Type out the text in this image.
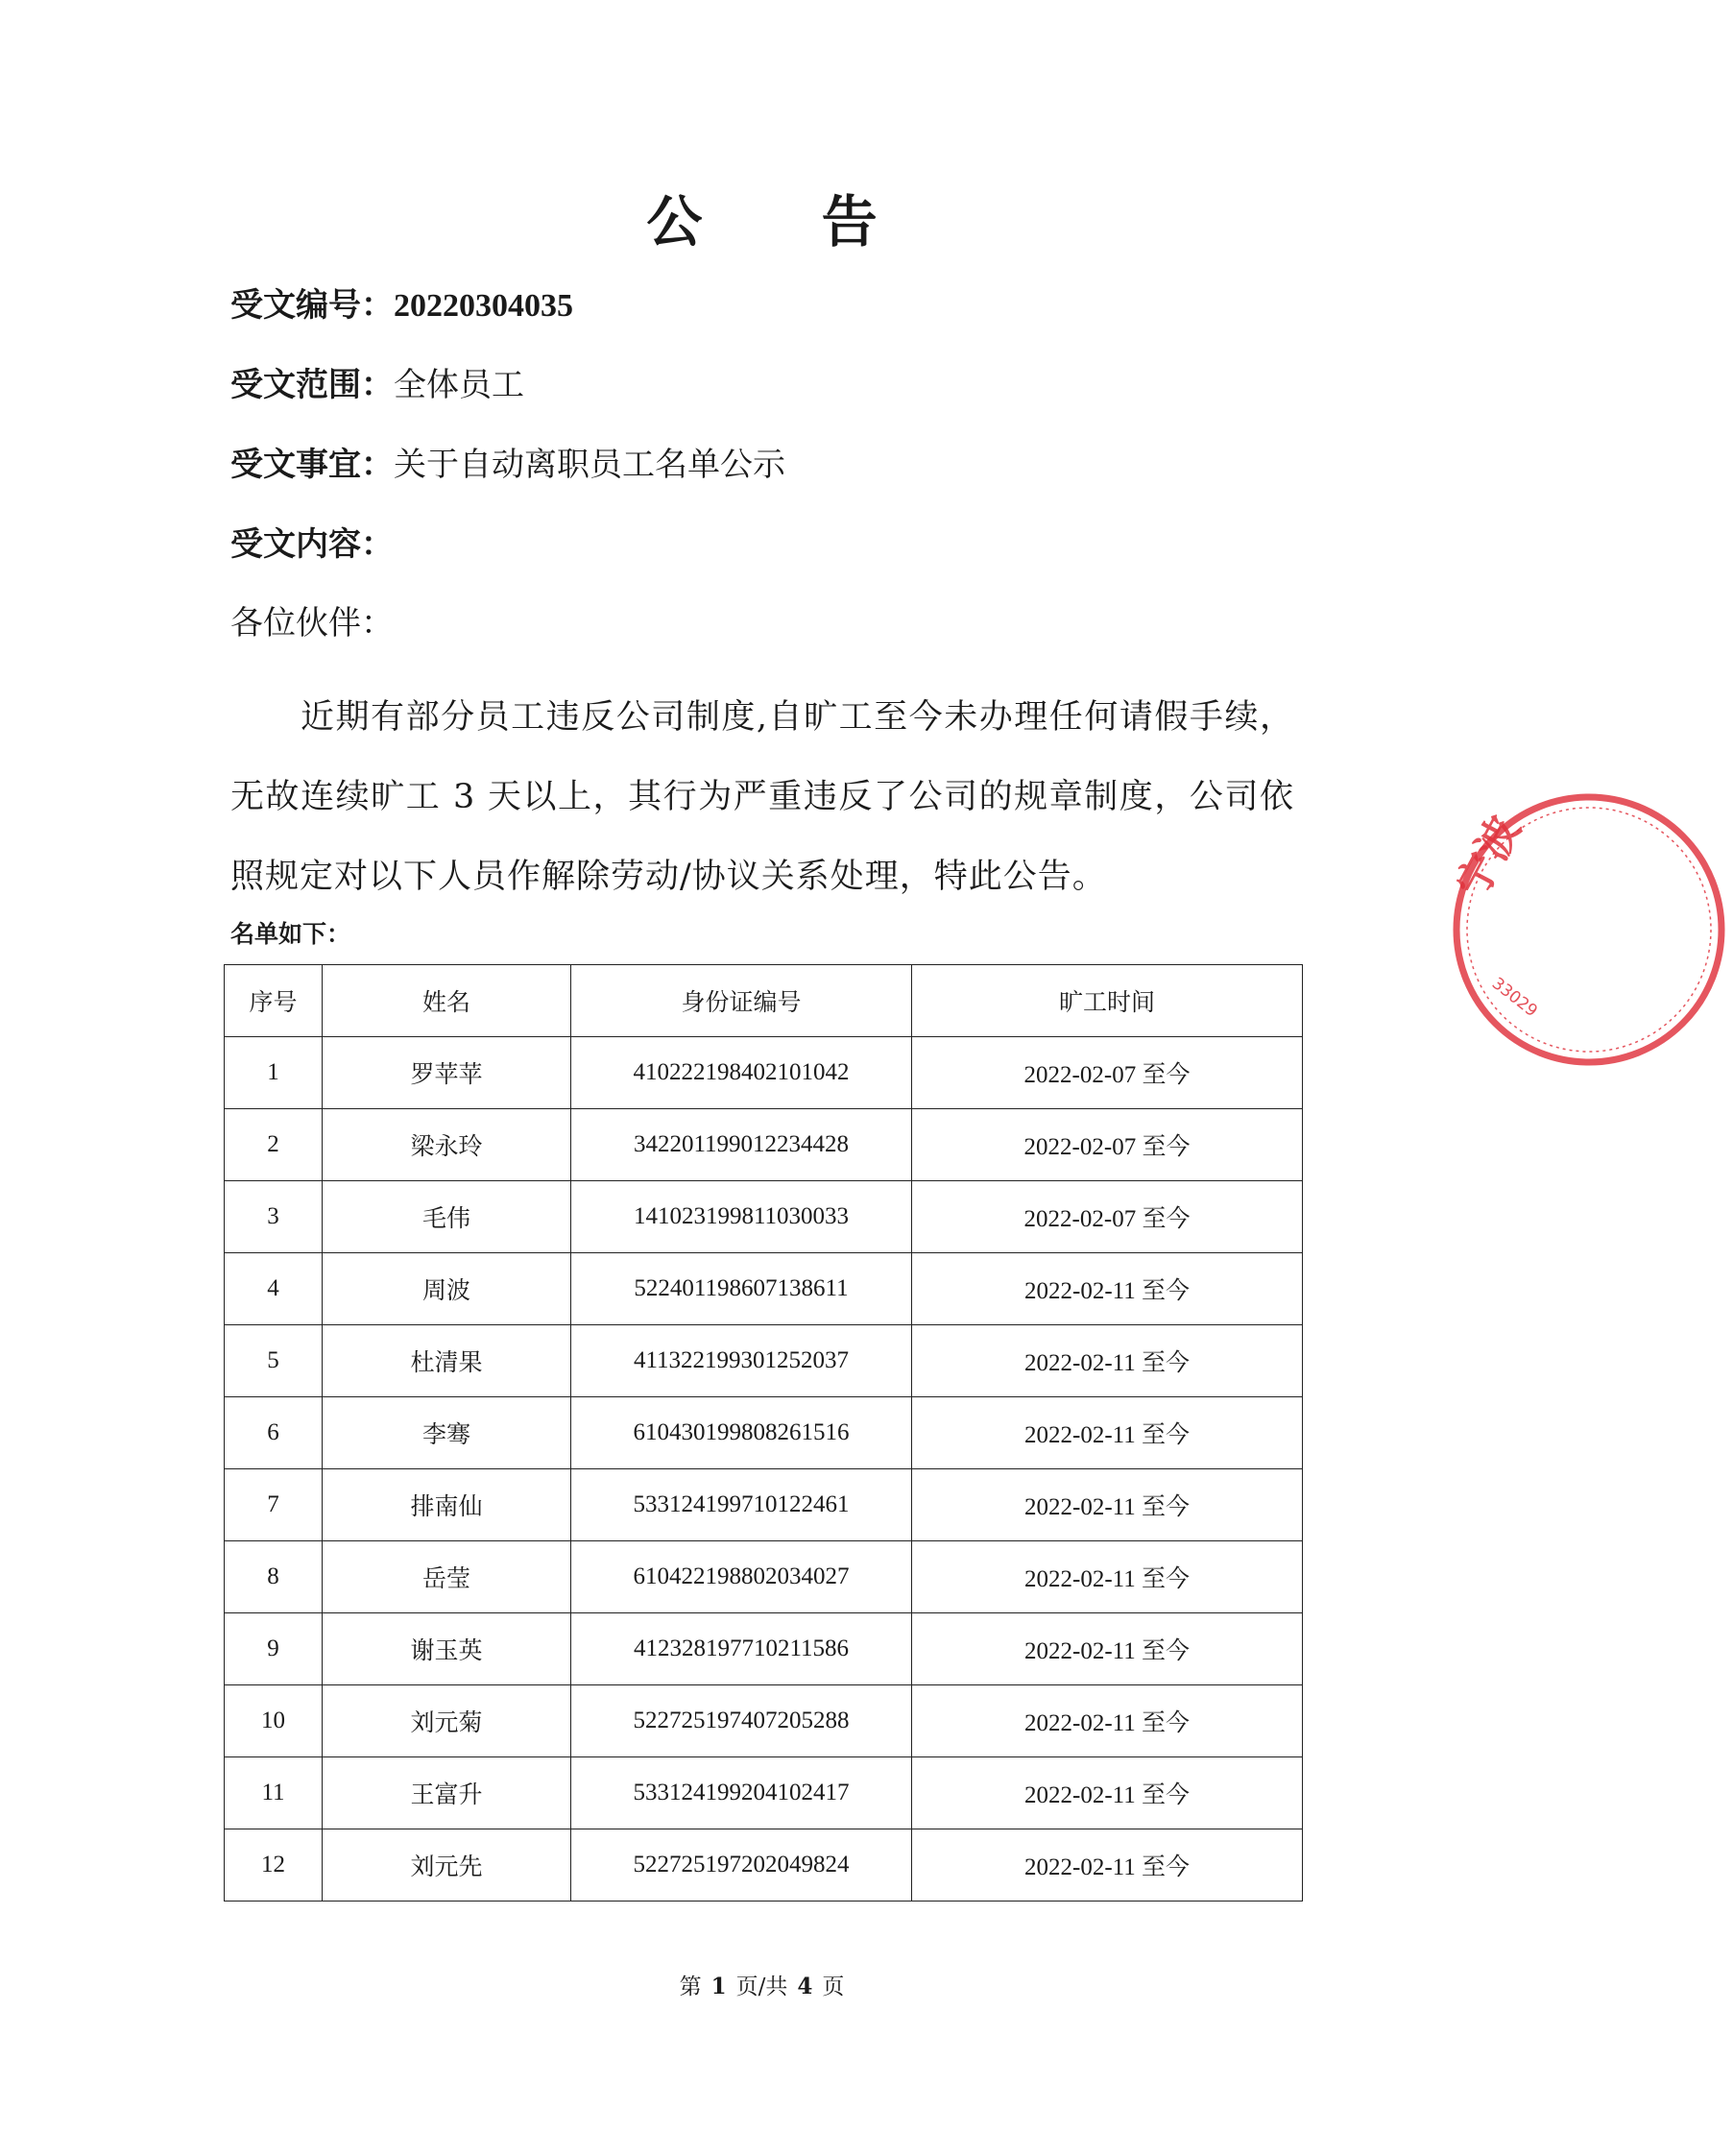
公 告
受文编号：20220304035
受文范围：全体员工
受文事宜：关于自动离职员工名单公示
受文内容：
各位伙伴：
近期有部分员工违反公司制度,自旷工至今未办理任何请假手续，无故连续旷工 3 天以上，其行为严重违反了公司的规章制度，公司依照规定对以下人员作解除劳动/协议关系处理，特此公告。
名单如下：
序号	姓名	身份证编号	旷工时间
1	罗苹苹	410222198402101042	2022-02-07 至今
2	梁永玲	342201199012234428	2022-02-07 至今
3	毛伟	141023199811030033	2022-02-07 至今
4	周波	522401198607138611	2022-02-11 至今
5	杜清果	411322199301252037	2022-02-11 至今
6	李骞	610430199808261516	2022-02-11 至今
7	排南仙	533124199710122461	2022-02-11 至今
8	岳莹	610422198802034027	2022-02-11 至今
9	谢玉英	412328197710211586	2022-02-11 至今
10	刘元菊	522725197407205288	2022-02-11 至今
11	王富升	533124199204102417	2022-02-11 至今
12	刘元先	522725197202049824	2022-02-11 至今
宁波
33029
第 1 页/共 4 页
